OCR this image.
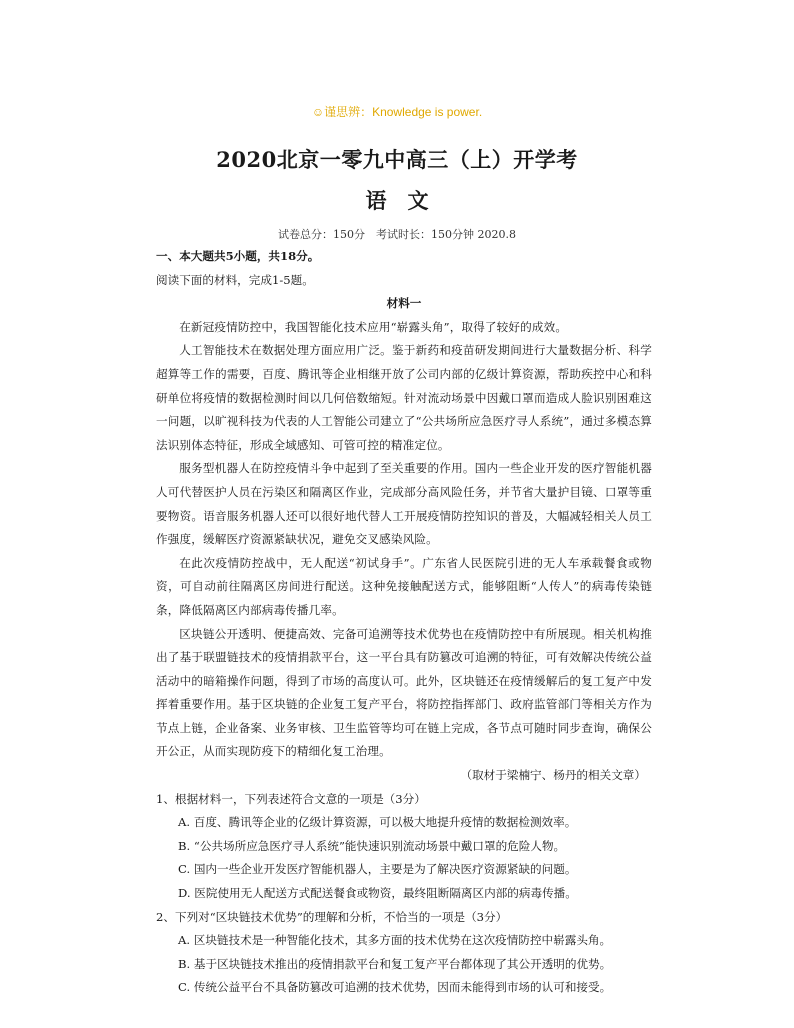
☺谨思辨：Knowledge is power.
2020北京一零九中高三（上）开学考
语　文
试卷总分：150分　考试时长：150分钟 2020.8

一、本大题共5小题，共18分。

阅读下面的材料，完成1-5题。

材料一

在新冠疫情防控中，我国智能化技术应用“崭露头角”，取得了较好的成效。

人工智能技术在数据处理方面应用广泛。鉴于新药和疫苗研发期间进行大量数据分析、科学超算等工作的需要，百度、腾讯等企业相继开放了公司内部的亿级计算资源，帮助疾控中心和科研单位将疫情的数据检测时间以几何倍数缩短。针对流动场景中因戴口罩而造成人脸识别困难这一问题，以旷视科技为代表的人工智能公司建立了“公共场所应急医疗寻人系统”，通过多模态算法识别体态特征，形成全域感知、可管可控的精准定位。

服务型机器人在防控疫情斗争中起到了至关重要的作用。国内一些企业开发的医疗智能机器人可代替医护人员在污染区和隔离区作业，完成部分高风险任务，并节省大量护目镜、口罩等重要物资。语音服务机器人还可以很好地代替人工开展疫情防控知识的普及，大幅减轻相关人员工作强度，缓解医疗资源紧缺状况，避免交叉感染风险。

在此次疫情防控战中，无人配送“初试身手”。广东省人民医院引进的无人车承载餐食或物资，可自动前往隔离区房间进行配送。这种免接触配送方式，能够阻断“人传人”的病毒传染链条，降低隔离区内部病毒传播几率。

区块链公开透明、便捷高效、完备可追溯等技术优势也在疫情防控中有所展现。相关机构推出了基于联盟链技术的疫情捐款平台，这一平台具有防篡改可追溯的特征，可有效解决传统公益活动中的暗箱操作问题，得到了市场的高度认可。此外，区块链还在疫情缓解后的复工复产中发挥着重要作用。基于区块链的企业复工复产平台，将防控指挥部门、政府监管部门等相关方作为节点上链，企业备案、业务审核、卫生监管等均可在链上完成，各节点可随时同步查询，确保公开公正，从而实现防疫下的精细化复工治理。

（取材于梁楠宁、杨丹的相关文章）

1、根据材料一，下列表述符合文意的一项是（3分）

A. 百度、腾讯等企业的亿级计算资源，可以极大地提升疫情的数据检测效率。

B. “公共场所应急医疗寻人系统”能快速识别流动场景中戴口罩的危险人物。

C. 国内一些企业开发医疗智能机器人，主要是为了解决医疗资源紧缺的问题。

D. 医院使用无人配送方式配送餐食或物资，最终阻断隔离区内部的病毒传播。

2、下列对“区块链技术优势”的理解和分析，不恰当的一项是（3分）

A. 区块链技术是一种智能化技术，其多方面的技术优势在这次疫情防控中崭露头角。

B. 基于区块链技术推出的疫情捐款平台和复工复产平台都体现了其公开透明的优势。

C. 传统公益平台不具备防篡改可追溯的技术优势，因而未能得到市场的认可和接受。
